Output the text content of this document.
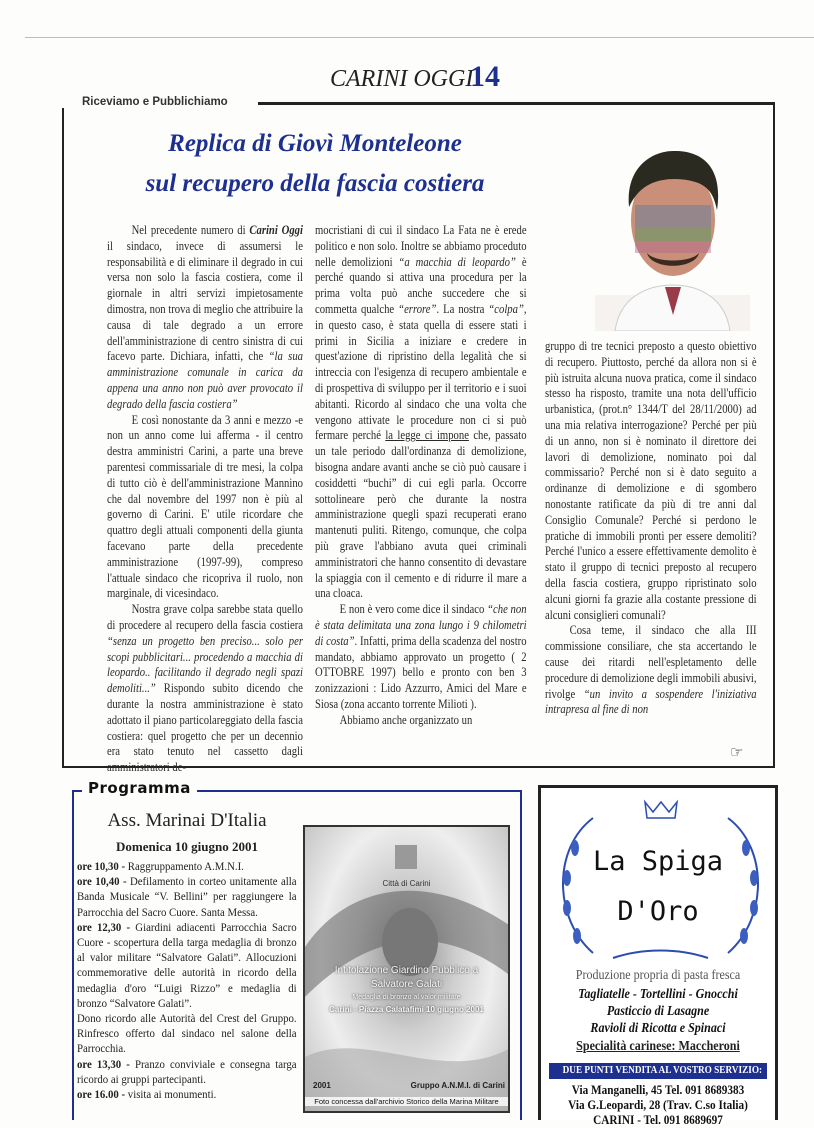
CARINI OGGI
14
Riceviamo e Pubblichiamo
Replica di Giovì Monteleone
sul recupero della fascia costiera

Nel precedente numero di Carini Oggi il sindaco, invece di assumersi le responsabilità e di eliminare il degrado in cui versa non solo la fascia costiera, come il giornale in altri servizi impietosamente dimostra, non trova di meglio che attribuire la causa di tale degrado a un errore dell'amministrazione di centro sinistra di cui facevo parte. Dichiara, infatti, che “la sua amministrazione comunale in carica da appena una anno non può aver provocato il degrado della fascia costiera”

E così nonostante da 3 anni e mezzo -e non un anno come lui afferma - il centro destra amministri Carini, a parte una breve parentesi commissariale di tre mesi, la colpa di tutto ciò è dell'amministrazione Mannino che dal novembre del 1997 non è più al governo di Carini. E' utile ricordare che quattro degli attuali componenti della giunta facevano parte della precedente amministrazione (1997-99), compreso l'attuale sindaco che ricopriva il ruolo, non marginale, di vicesindaco.

Nostra grave colpa sarebbe stata quello di procedere al recupero della fascia costiera “senza un progetto ben preciso... solo per scopi pubblicitari... procedendo a macchia di leopardo.. facilitando il degrado negli spazi demoliti...” Rispondo subito dicendo che durante la nostra amministrazione è stato adottato il piano particolareggiato della fascia costiera: quel progetto che per un decennio era stato tenuto nel cassetto dagli amministratori de-

mocristiani di cui il sindaco La Fata ne è erede politico e non solo. Inoltre se abbiamo proceduto nelle demolizioni “a macchia di leopardo” è perché quando si attiva una procedura per la prima volta può anche succedere che si commetta qualche “errore”. La nostra “colpa”, in questo caso, è stata quella di essere stati i primi in Sicilia a iniziare e credere in quest'azione di ripristino della legalità che si intreccia con l'esigenza di recupero ambientale e di prospettiva di sviluppo per il territorio e i suoi abitanti. Ricordo al sindaco che una volta che vengono attivate le procedure non ci si può fermare perché la legge ci impone che, passato un tale periodo dall'ordinanza di demolizione, bisogna andare avanti anche se ciò può causare i cosiddetti “buchi” di cui egli parla. Occorre sottolineare però che durante la nostra amministrazione quegli spazi recuperati erano mantenuti puliti. Ritengo, comunque, che colpa più grave l'abbiano avuta quei criminali amministratori che hanno consentito di devastare la spiaggia con il cemento e di ridurre il mare a una cloaca.

E non è vero come dice il sindaco “che non è stata delimitata una zona lungo i 9 chilometri di costa”. Infatti, prima della scadenza del nostro mandato, abbiamo approvato un progetto ( 2 OTTOBRE 1997) bello e pronto con ben 3 zonizzazioni : Lido Azzurro, Amici del Mare e Siosa (zona accanto torrente Milioti ).

Abbiamo anche organizzato un

gruppo di tre tecnici preposto a questo obiettivo di recupero. Piuttosto, perché da allora non si è più istruita alcuna nuova pratica, come il sindaco stesso ha risposto, tramite una nota dell'ufficio urbanistica, (prot.n° 1344/T del 28/11/2000) ad una mia relativa interrogazione? Perché per più di un anno, non si è nominato il direttore dei lavori di demolizione, nominato poi dal commissario? Perché non si è dato seguito a ordinanze di demolizione e di sgombero nonostante ratificate da più di tre anni dal Consiglio Comunale? Perché si perdono le pratiche di immobili pronti per essere demoliti? Perché l'unico a essere effettivamente demolito è stato il gruppo di tecnici preposto al recupero della fascia costiera, gruppo ripristinato solo alcuni giorni fa grazie alla costante pressione di alcuni consiglieri comunali?

Cosa teme, il sindaco che alla III commissione consiliare, che sta accertando le cause dei ritardi nell'espletamento delle procedure di demolizione degli immobili abusivi, rivolge “un invito a sospendere l'iniziativa intrapresa al fine di non

☞
Programma
Ass. Marinai D'Italia
Domenica 10 giugno 2001
ore 10,30 - Raggruppamento A.M.N.I.
ore 10,40 - Defilamento in corteo unitamente alla Banda Musicale “V. Bellini” per raggiungere la Parrocchia del Sacro Cuore. Santa Messa.
ore 12,30 - Giardini adiacenti Parrocchia Sacro Cuore - scopertura della targa medaglia di bronzo al valor militare “Salvatore Galati”. Allocuzioni commemorative delle autorità in ricordo della medaglia d'oro “Luigi Rizzo” e medaglia di bronzo “Salvatore Galati”.
Dono ricordo alle Autorità del Crest del Gruppo. Rinfresco offerto dal sindaco nel salone della Parrocchia.
ore 13,30 - Pranzo conviviale e consegna targa ricordo ai gruppi partecipanti.
ore 16.00 - visita ai monumenti.
Città di Carini
Intitolazione Giardino Pubblico a
Salvatore Galati
Medaglia di bronzo al valor militare
Carini - Piazza Calatafimi 10 giugno 2001
2001	Gruppo A.N.M.I. di Carini
Foto concessa dall'archivio Storico della Marina Militare
La Spiga
D'Oro
Produzione propria di pasta fresca
Tagliatelle - Tortellini - Gnocchi
Pasticcio di Lasagne
Ravioli di Ricotta e Spinaci
Specialità carinese: Maccheroni
DUE PUNTI VENDITA AL VOSTRO SERVIZIO:
Via Manganelli, 45 Tel. 091 8689383
Via G.Leopardi, 28 (Trav. C.so Italia)
CARINI - Tel. 091 8689697
